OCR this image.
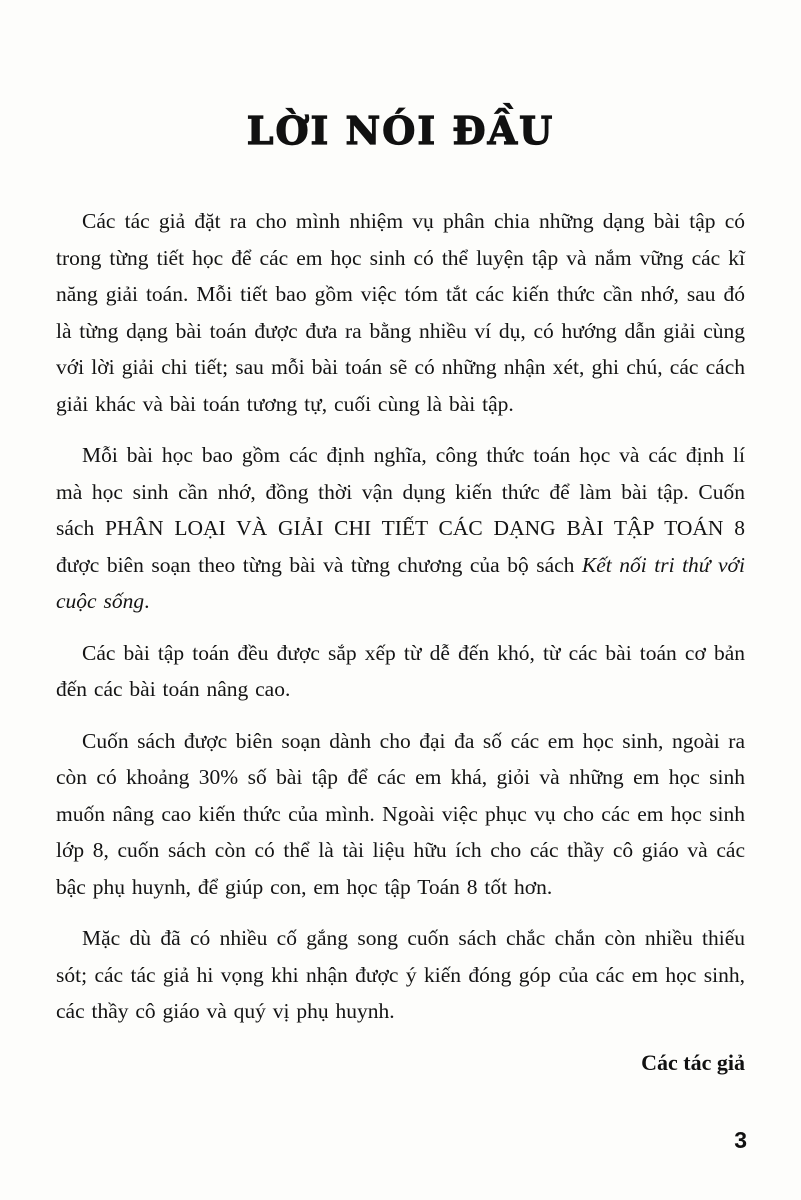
LỜI NÓI ĐẦU

Các tác giả đặt ra cho mình nhiệm vụ phân chia những dạng bài tập có trong từng tiết học để các em học sinh có thể luyện tập và nắm vững các kĩ năng giải toán. Mỗi tiết bao gồm việc tóm tắt các kiến thức cần nhớ, sau đó là từng dạng bài toán được đưa ra bằng nhiều ví dụ, có hướng dẫn giải cùng với lời giải chi tiết; sau mỗi bài toán sẽ có những nhận xét, ghi chú, các cách giải khác và bài toán tương tự, cuối cùng là bài tập.

Mỗi bài học bao gồm các định nghĩa, công thức toán học và các định lí mà học sinh cần nhớ, đồng thời vận dụng kiến thức để làm bài tập. Cuốn sách PHÂN LOẠI VÀ GIẢI CHI TIẾT CÁC DẠNG BÀI TẬP TOÁN 8 được biên soạn theo từng bài và từng chương của bộ sách Kết nối tri thứ với cuộc sống.

Các bài tập toán đều được sắp xếp từ dễ đến khó, từ các bài toán cơ bản đến các bài toán nâng cao.

Cuốn sách được biên soạn dành cho đại đa số các em học sinh, ngoài ra còn có khoảng 30% số bài tập để các em khá, giỏi và những em học sinh muốn nâng cao kiến thức của mình. Ngoài việc phục vụ cho các em học sinh lớp 8, cuốn sách còn có thể là tài liệu hữu ích cho các thầy cô giáo và các bậc phụ huynh, để giúp con, em học tập Toán 8 tốt hơn.

Mặc dù đã có nhiều cố gắng song cuốn sách chắc chắn còn nhiều thiếu sót; các tác giả hi vọng khi nhận được ý kiến đóng góp của các em học sinh, các thầy cô giáo và quý vị phụ huynh.

Các tác giả
3
